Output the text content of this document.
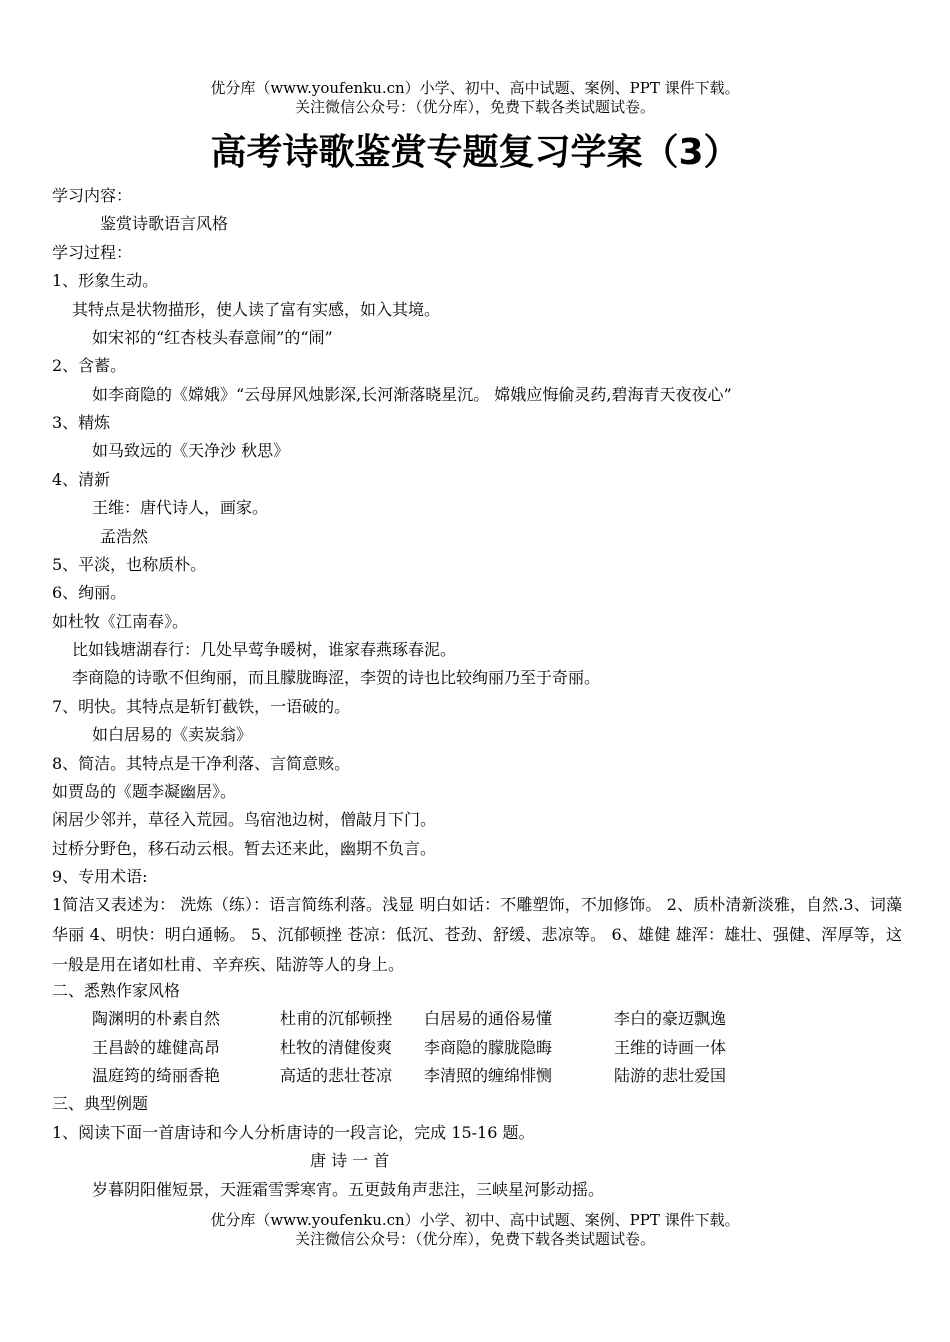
优分库（www.youfenku.cn）小学、初中、高中试题、案例、PPT 课件下载。
关注微信公众号：（优分库），免费下载各类试题试卷。
高考诗歌鉴赏专题复习学案（3）
学习内容：
鉴赏诗歌语言风格
学习过程：
1、形象生动。
其特点是状物描形，使人读了富有实感，如入其境。
如宋祁的“红杏枝头春意闹”的“闹”
2、含蓄。
如李商隐的《嫦娥》“云母屏风烛影深,长河渐落晓星沉。 嫦娥应悔偷灵药,碧海青天夜夜心”
3、精炼
如马致远的《天净沙 秋思》
4、清新
王维：唐代诗人，画家。
孟浩然
5、平淡，也称质朴。
6、绚丽。
如杜牧《江南春》。
比如钱塘湖春行：几处早莺争暖树，谁家春燕琢春泥。
李商隐的诗歌不但绚丽，而且朦胧晦涩，李贺的诗也比较绚丽乃至于奇丽。
7、明快。其特点是斩钉截铁，一语破的。
如白居易的《卖炭翁》
8、简洁。其特点是干净利落、言简意赅。
如贾岛的《题李凝幽居》。
闲居少邻并，草径入荒园。鸟宿池边树，僧敲月下门。
过桥分野色，移石动云根。暂去还来此，幽期不负言。
9、专用术语:
1简洁又表述为： 洗炼（练）：语言简练利落。浅显 明白如话：不雕塑饰，不加修饰。 2、质朴清新淡雅，自然.3、词藻华丽 4、明快：明白通畅。 5、沉郁顿挫 苍凉：低沉、苍劲、舒缓、悲凉等。 6、雄健 雄浑：雄壮、强健、浑厚等，这一般是用在诸如杜甫、辛弃疾、陆游等人的身上。
二、悉熟作家风格
陶渊明的朴素自然	杜甫的沉郁顿挫 白居易的通俗易懂	李白的豪迈飘逸
王昌龄的雄健高昂	杜牧的清健俊爽 李商隐的朦胧隐晦	王维的诗画一体
温庭筠的绮丽香艳	高适的悲壮苍凉 李清照的缠绵悱恻	陆游的悲壮爱国
三、典型例题
1、阅读下面一首唐诗和今人分析唐诗的一段言论，完成 15-16 题。
唐 诗 一 首
岁暮阴阳催短景，天涯霜雪霁寒宵。五更鼓角声悲注，三峡星河影动摇。
优分库（www.youfenku.cn）小学、初中、高中试题、案例、PPT 课件下载。
关注微信公众号：（优分库），免费下载各类试题试卷。
